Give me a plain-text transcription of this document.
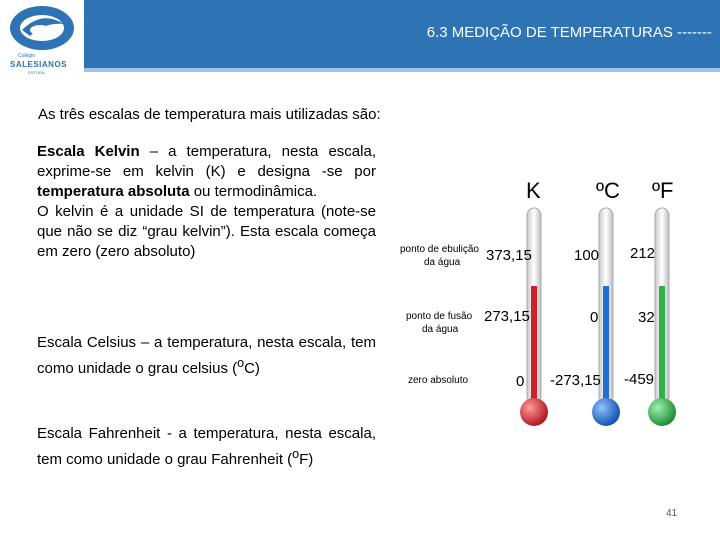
Colégio
SALESIANOS
ESTORIL
6.3 MEDIÇÃO DE TEMPERATURAS -------
As três escalas de temperatura mais utilizadas são:
Escala Kelvin – a temperatura, nesta escala, exprime-se em kelvin (K) e designa -se por temperatura absoluta ou termodinâmica.
O kelvin é a unidade SI de temperatura (note-se que não se diz “grau kelvin”). Esta escala começa em zero (zero absoluto)
Escala Celsius – a temperatura, nesta escala, tem como unidade o grau celsius ($^o$C)
Escala Fahrenheit - a temperatura, nesta escala, tem como unidade o grau Fahrenheit ($^o$F)
K	ºC ºF
ponto de ebulição
da água 373,15	100 212
ponto de fusão
da água
273,15	0	32
zero absoluto	0 -273,15 -459
41
